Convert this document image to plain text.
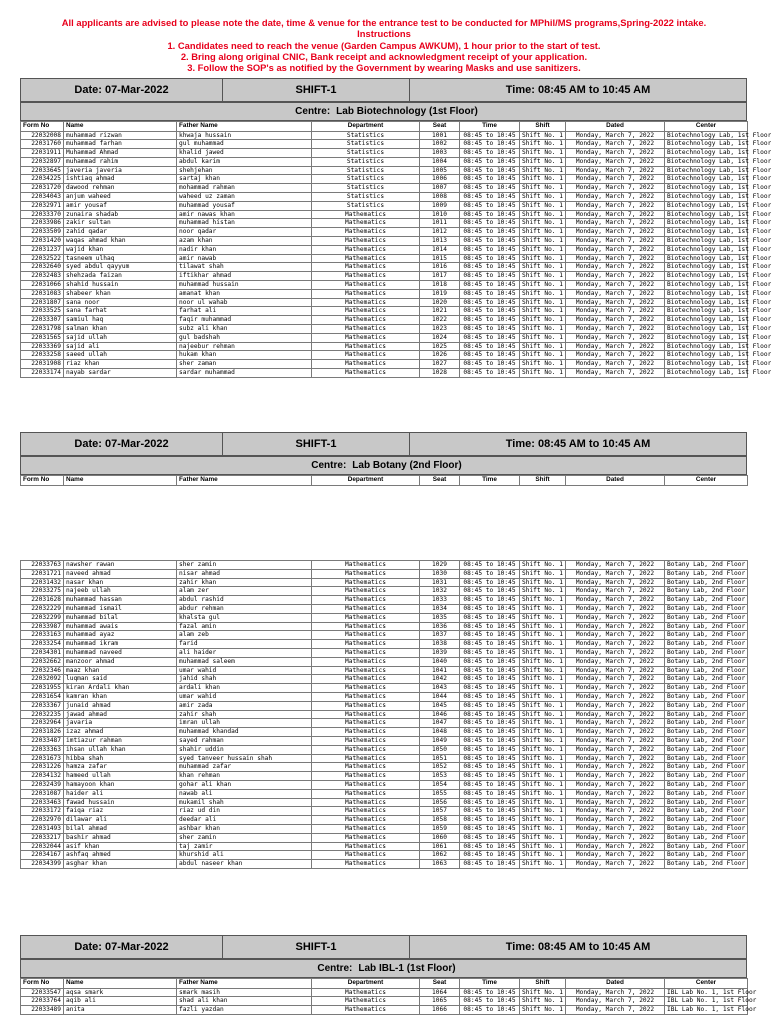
All applicants are advised to please note the date, time & venue for the entrance test to be conducted for MPhil/MS programs,Spring-2022 intake.
Instructions
1. Candidates need to reach the venue (Garden Campus AWKUM), 1 hour prior to the start of test.
2. Bring along original CNIC, Bank receipt and acknowledgment receipt of your application.
3. Follow the SOP's as notified by the Government by wearing Masks and use sanitizers.
Date: 07-Mar-2022	SHIFT-1	Time: 08:45 AM to 10:45 AM
Centre: Lab Biotechnology (1st Floor)
Form No	Name	Father Name	Department	Seat	Time	Shift	Dated	Center
22032008	muhammad rizwan	khwaja hussain	Statistics	1001	08:45 to 10:45	Shift No. 1	Monday, March 7, 2022	Biotechnology Lab, 1st Floor
22031760	muhammad farhan	gul muhammad	Statistics	1002	08:45 to 10:45	Shift No. 1	Monday, March 7, 2022	Biotechnology Lab, 1st Floor
22031911	Muhammad Ahmad	khalid jawed	Statistics	1003	08:45 to 10:45	Shift No. 1	Monday, March 7, 2022	Biotechnology Lab, 1st Floor
22032897	muhammad rahim	abdul karim	Statistics	1004	08:45 to 10:45	Shift No. 1	Monday, March 7, 2022	Biotechnology Lab, 1st Floor
22033645	javeria javeria	shehjehan	Statistics	1005	08:45 to 10:45	Shift No. 1	Monday, March 7, 2022	Biotechnology Lab, 1st Floor
22034225	ishtiaq ahmad	sartaj khan	Statistics	1006	08:45 to 10:45	Shift No. 1	Monday, March 7, 2022	Biotechnology Lab, 1st Floor
22031720	dawood rehman	mohammad rahman	Statistics	1007	08:45 to 10:45	Shift No. 1	Monday, March 7, 2022	Biotechnology Lab, 1st Floor
22034043	anjum waheed	waheed uz zaman	Statistics	1008	08:45 to 10:45	Shift No. 1	Monday, March 7, 2022	Biotechnology Lab, 1st Floor
22032971	amir yousaf	muhammad yousaf	Statistics	1009	08:45 to 10:45	Shift No. 1	Monday, March 7, 2022	Biotechnology Lab, 1st Floor
22033370	zunaira shadab	amir nawas khan	Mathematics	1010	08:45 to 10:45	Shift No. 1	Monday, March 7, 2022	Biotechnology Lab, 1st Floor
22033986	zakir sultan	muhammad histan	Mathematics	1011	08:45 to 10:45	Shift No. 1	Monday, March 7, 2022	Biotechnology Lab, 1st Floor
22033509	zahid qadar	noor qadar	Mathematics	1012	08:45 to 10:45	Shift No. 1	Monday, March 7, 2022	Biotechnology Lab, 1st Floor
22031420	waqas ahmad khan	azam khan	Mathematics	1013	08:45 to 10:45	Shift No. 1	Monday, March 7, 2022	Biotechnology Lab, 1st Floor
22031237	wajid khan	nadir khan	Mathematics	1014	08:45 to 10:45	Shift No. 1	Monday, March 7, 2022	Biotechnology Lab, 1st Floor
22032522	tasneem ulhaq	amir nawab	Mathematics	1015	08:45 to 10:45	Shift No. 1	Monday, March 7, 2022	Biotechnology Lab, 1st Floor
22032640	syed abdul qayyum	tilawat shah	Mathematics	1016	08:45 to 10:45	Shift No. 1	Monday, March 7, 2022	Biotechnology Lab, 1st Floor
22032483	shehzada faizan	iftikhar ahmad	Mathematics	1017	08:45 to 10:45	Shift No. 1	Monday, March 7, 2022	Biotechnology Lab, 1st Floor
22031066	shahid hussain	muhammad hussain	Mathematics	1018	08:45 to 10:45	Shift No. 1	Monday, March 7, 2022	Biotechnology Lab, 1st Floor
22031083	shabeer khan	amanat khan	Mathematics	1019	08:45 to 10:45	Shift No. 1	Monday, March 7, 2022	Biotechnology Lab, 1st Floor
22031807	sana noor	noor ul wahab	Mathematics	1020	08:45 to 10:45	Shift No. 1	Monday, March 7, 2022	Biotechnology Lab, 1st Floor
22033525	sana farhat	farhat ali	Mathematics	1021	08:45 to 10:45	Shift No. 1	Monday, March 7, 2022	Biotechnology Lab, 1st Floor
22033307	samiul haq	faqir muhammad	Mathematics	1022	08:45 to 10:45	Shift No. 1	Monday, March 7, 2022	Biotechnology Lab, 1st Floor
22031798	salman khan	subz ali khan	Mathematics	1023	08:45 to 10:45	Shift No. 1	Monday, March 7, 2022	Biotechnology Lab, 1st Floor
22031565	sajid ullah	gul badshah	Mathematics	1024	08:45 to 10:45	Shift No. 1	Monday, March 7, 2022	Biotechnology Lab, 1st Floor
22033369	sajid ali	najeebur rehman	Mathematics	1025	08:45 to 10:45	Shift No. 1	Monday, March 7, 2022	Biotechnology Lab, 1st Floor
22033258	saeed ullah	hukam khan	Mathematics	1026	08:45 to 10:45	Shift No. 1	Monday, March 7, 2022	Biotechnology Lab, 1st Floor
22031908	riaz khan	sher zaman	Mathematics	1027	08:45 to 10:45	Shift No. 1	Monday, March 7, 2022	Biotechnology Lab, 1st Floor
22033174	nayab sardar	sardar muhammad	Mathematics	1028	08:45 to 10:45	Shift No. 1	Monday, March 7, 2022	Biotechnology Lab, 1st Floor
Date: 07-Mar-2022	SHIFT-1	Time: 08:45 AM to 10:45 AM
Centre: Lab Botany (2nd Floor)
Form No	Name	Father Name	Department	Seat	Time	Shift	Dated	Center
22033763	nawsher rawan	sher zamin	Mathematics	1029	08:45 to 10:45	Shift No. 1	Monday, March 7, 2022	Botany Lab, 2nd Floor
22031721	naveed ahmad	nisar ahmad	Mathematics	1030	08:45 to 10:45	Shift No. 1	Monday, March 7, 2022	Botany Lab, 2nd Floor
22031432	nasar khan	zahir khan	Mathematics	1031	08:45 to 10:45	Shift No. 1	Monday, March 7, 2022	Botany Lab, 2nd Floor
22033275	najeeb ullah	alam zer	Mathematics	1032	08:45 to 10:45	Shift No. 1	Monday, March 7, 2022	Botany Lab, 2nd Floor
22031628	muhammad hassan	abdul rashid	Mathematics	1033	08:45 to 10:45	Shift No. 1	Monday, March 7, 2022	Botany Lab, 2nd Floor
22032229	muhammad ismail	abdur rehman	Mathematics	1034	08:45 to 10:45	Shift No. 1	Monday, March 7, 2022	Botany Lab, 2nd Floor
22032299	muhammad bilal	khalsta gul	Mathematics	1035	08:45 to 10:45	Shift No. 1	Monday, March 7, 2022	Botany Lab, 2nd Floor
22033987	muhammad awais	fazal amin	Mathematics	1036	08:45 to 10:45	Shift No. 1	Monday, March 7, 2022	Botany Lab, 2nd Floor
22033163	muhammad ayaz	alam zeb	Mathematics	1037	08:45 to 10:45	Shift No. 1	Monday, March 7, 2022	Botany Lab, 2nd Floor
22033254	muhammad ikram	farid	Mathematics	1038	08:45 to 10:45	Shift No. 1	Monday, March 7, 2022	Botany Lab, 2nd Floor
22034301	muhammad naveed	ali haider	Mathematics	1039	08:45 to 10:45	Shift No. 1	Monday, March 7, 2022	Botany Lab, 2nd Floor
22032662	manzoor ahmad	muhammad saleem	Mathematics	1040	08:45 to 10:45	Shift No. 1	Monday, March 7, 2022	Botany Lab, 2nd Floor
22032346	maaz khan	umar wahid	Mathematics	1041	08:45 to 10:45	Shift No. 1	Monday, March 7, 2022	Botany Lab, 2nd Floor
22032092	luqman said	jahid shah	Mathematics	1042	08:45 to 10:45	Shift No. 1	Monday, March 7, 2022	Botany Lab, 2nd Floor
22031955	kiran Ardali khan	ardali khan	Mathematics	1043	08:45 to 10:45	Shift No. 1	Monday, March 7, 2022	Botany Lab, 2nd Floor
22031654	kamran khan	umar wahid	Mathematics	1044	08:45 to 10:45	Shift No. 1	Monday, March 7, 2022	Botany Lab, 2nd Floor
22033367	junaid ahmad	amir zada	Mathematics	1045	08:45 to 10:45	Shift No. 1	Monday, March 7, 2022	Botany Lab, 2nd Floor
22032235	jawad ahmad	zahir shah	Mathematics	1046	08:45 to 10:45	Shift No. 1	Monday, March 7, 2022	Botany Lab, 2nd Floor
22032964	javaria	imran ullah	Mathematics	1047	08:45 to 10:45	Shift No. 1	Monday, March 7, 2022	Botany Lab, 2nd Floor
22031826	izaz ahmad	muhammad khandad	Mathematics	1048	08:45 to 10:45	Shift No. 1	Monday, March 7, 2022	Botany Lab, 2nd Floor
22033487	imtiazur rahman	sayed rahman	Mathematics	1049	08:45 to 10:45	Shift No. 1	Monday, March 7, 2022	Botany Lab, 2nd Floor
22033363	ihsan ullah khan	shahir uddin	Mathematics	1050	08:45 to 10:45	Shift No. 1	Monday, March 7, 2022	Botany Lab, 2nd Floor
22031673	hibba shah	syed tanveer hussain shah	Mathematics	1051	08:45 to 10:45	Shift No. 1	Monday, March 7, 2022	Botany Lab, 2nd Floor
22031226	hamza zafar	muhammad zafar	Mathematics	1052	08:45 to 10:45	Shift No. 1	Monday, March 7, 2022	Botany Lab, 2nd Floor
22034132	hameed ullah	khan rehman	Mathematics	1053	08:45 to 10:45	Shift No. 1	Monday, March 7, 2022	Botany Lab, 2nd Floor
22032439	hamayoon khan	gohar ali khan	Mathematics	1054	08:45 to 10:45	Shift No. 1	Monday, March 7, 2022	Botany Lab, 2nd Floor
22031087	haider ali	nawab ali	Mathematics	1055	08:45 to 10:45	Shift No. 1	Monday, March 7, 2022	Botany Lab, 2nd Floor
22033463	fawad hussain	mukamil shah	Mathematics	1056	08:45 to 10:45	Shift No. 1	Monday, March 7, 2022	Botany Lab, 2nd Floor
22033172	faiqa riaz	riaz ud din	Mathematics	1057	08:45 to 10:45	Shift No. 1	Monday, March 7, 2022	Botany Lab, 2nd Floor
22032970	dilawar ali	deedar ali	Mathematics	1058	08:45 to 10:45	Shift No. 1	Monday, March 7, 2022	Botany Lab, 2nd Floor
22031493	bilal ahmad	ashbar khan	Mathematics	1059	08:45 to 10:45	Shift No. 1	Monday, March 7, 2022	Botany Lab, 2nd Floor
22033217	bashir ahmad	sher zamin	Mathematics	1060	08:45 to 10:45	Shift No. 1	Monday, March 7, 2022	Botany Lab, 2nd Floor
22032044	asif khan	taj zamir	Mathematics	1061	08:45 to 10:45	Shift No. 1	Monday, March 7, 2022	Botany Lab, 2nd Floor
22034167	ashfaq ahmed	khurshid ali	Mathematics	1062	08:45 to 10:45	Shift No. 1	Monday, March 7, 2022	Botany Lab, 2nd Floor
22034399	asghar khan	abdul naseer khan	Mathematics	1063	08:45 to 10:45	Shift No. 1	Monday, March 7, 2022	Botany Lab, 2nd Floor
Date: 07-Mar-2022	SHIFT-1	Time: 08:45 AM to 10:45 AM
Centre: Lab IBL-1 (1st Floor)
Form No	Name	Father Name	Department	Seat	Time	Shift	Dated	Center
22033547	aqsa smark	smark masih	Mathematics	1064	08:45 to 10:45	Shift No. 1	Monday, March 7, 2022	IBL Lab No. 1, 1st Floor
22033764	aqib ali	shad ali khan	Mathematics	1065	08:45 to 10:45	Shift No. 1	Monday, March 7, 2022	IBL Lab No. 1, 1st Floor
22033489	anita	fazli yazdan	Mathematics	1066	08:45 to 10:45	Shift No. 1	Monday, March 7, 2022	IBL Lab No. 1, 1st Floor
